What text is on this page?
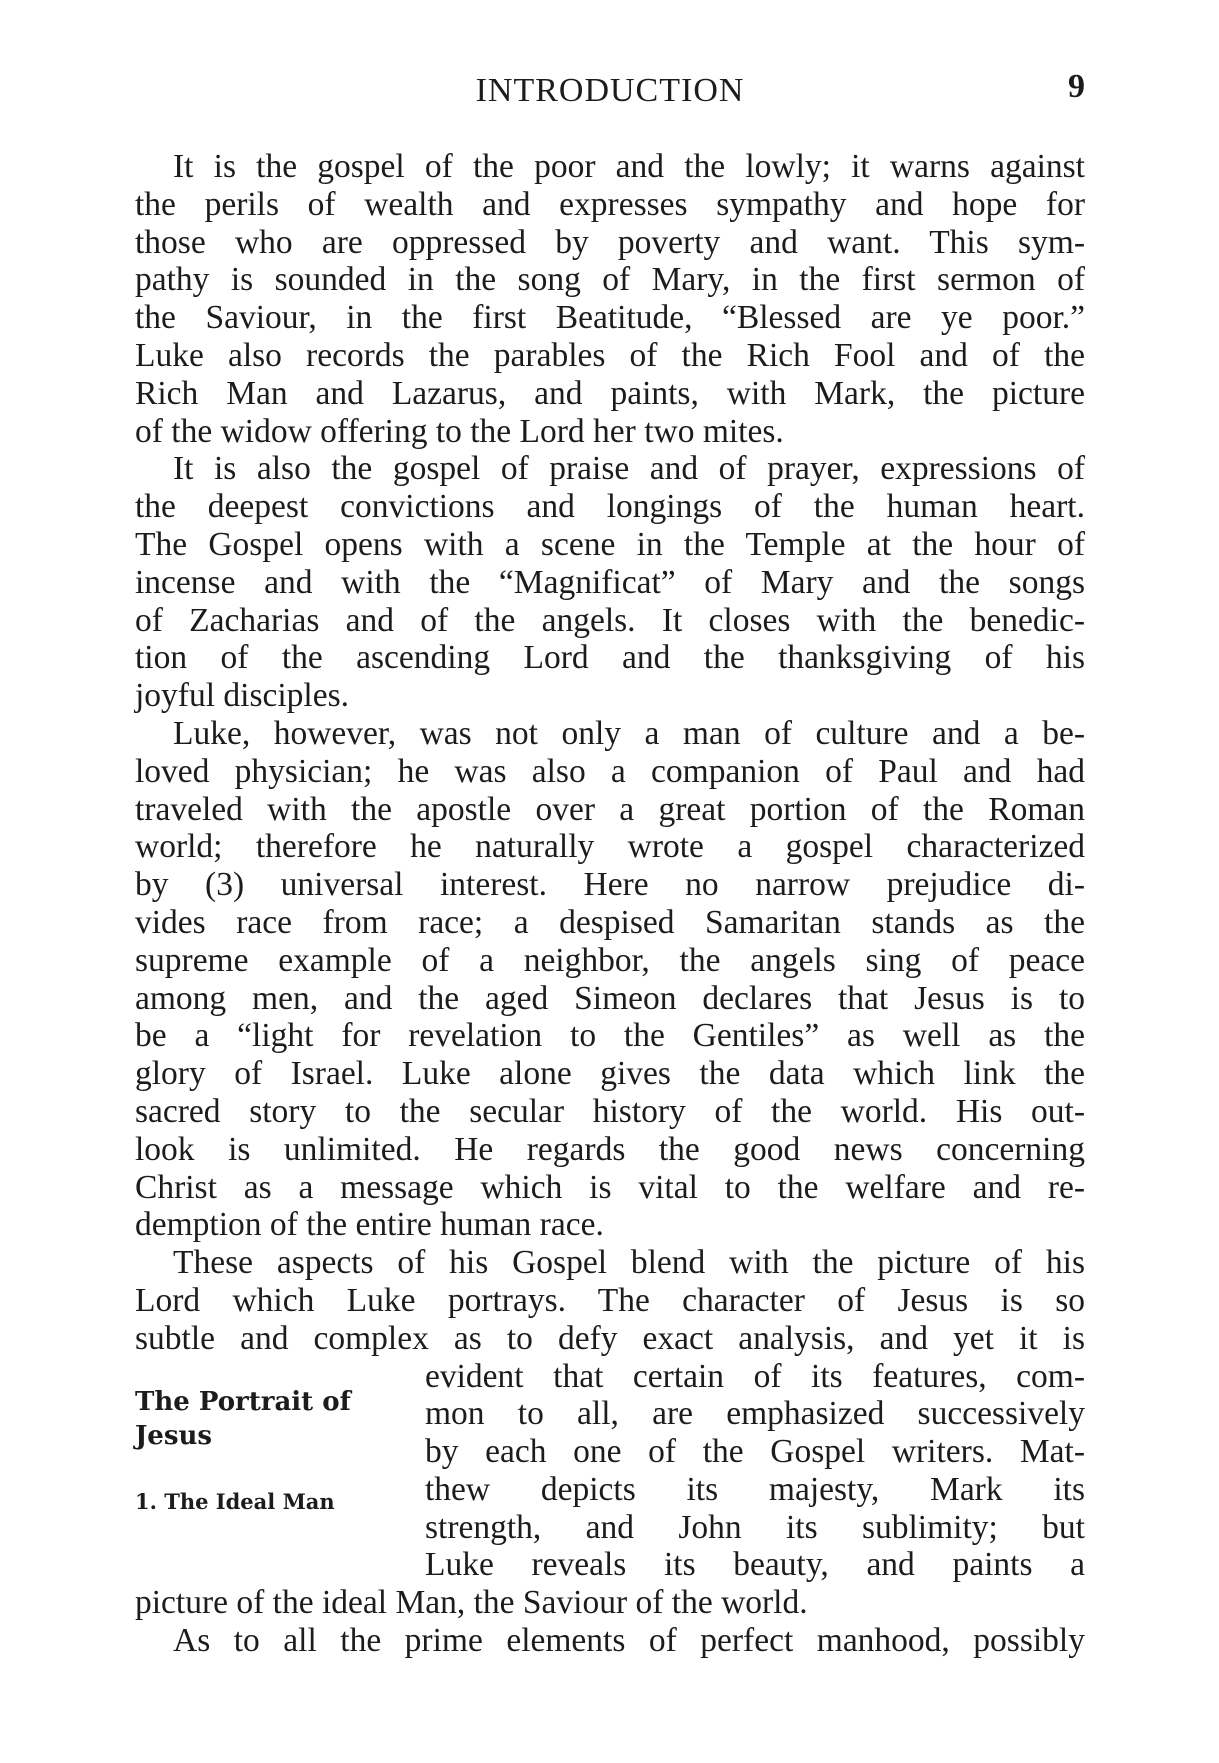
INTRODUCTION	9
It is the gospel of the poor and the lowly; it warns against
the perils of wealth and expresses sympathy and hope for
those who are oppressed by poverty and want. This sym-
pathy is sounded in the song of Mary, in the first sermon of
the Saviour, in the first Beatitude, “Blessed are ye poor.”
Luke also records the parables of the Rich Fool and of the
Rich Man and Lazarus, and paints, with Mark, the picture
of the widow offering to the Lord her two mites.
It is also the gospel of praise and of prayer, expressions of
the deepest convictions and longings of the human heart.
The Gospel opens with a scene in the Temple at the hour of
incense and with the “Magnificat” of Mary and the songs
of Zacharias and of the angels. It closes with the benedic-
tion of the ascending Lord and the thanksgiving of his
joyful disciples.
Luke, however, was not only a man of culture and a be-
loved physician; he was also a companion of Paul and had
traveled with the apostle over a great portion of the Roman
world; therefore he naturally wrote a gospel characterized
by (3) universal interest. Here no narrow prejudice di-
vides race from race; a despised Samaritan stands as the
supreme example of a neighbor, the angels sing of peace
among men, and the aged Simeon declares that Jesus is to
be a “light for revelation to the Gentiles” as well as the
glory of Israel. Luke alone gives the data which link the
sacred story to the secular history of the world. His out-
look is unlimited. He regards the good news concerning
Christ as a message which is vital to the welfare and re-
demption of the entire human race.
These aspects of his Gospel blend with the picture of his
Lord which Luke portrays. The character of Jesus is so
subtle and complex as to defy exact analysis, and yet it is
evident that certain of its features, com-
mon to all, are emphasized successively
by each one of the Gospel writers. Mat-
thew depicts its majesty, Mark its
strength, and John its sublimity; but
Luke reveals its beauty, and paints a
picture of the ideal Man, the Saviour of the world.
As to all the prime elements of perfect manhood, possibly

The Portrait of Jesus

1. The Ideal Man
